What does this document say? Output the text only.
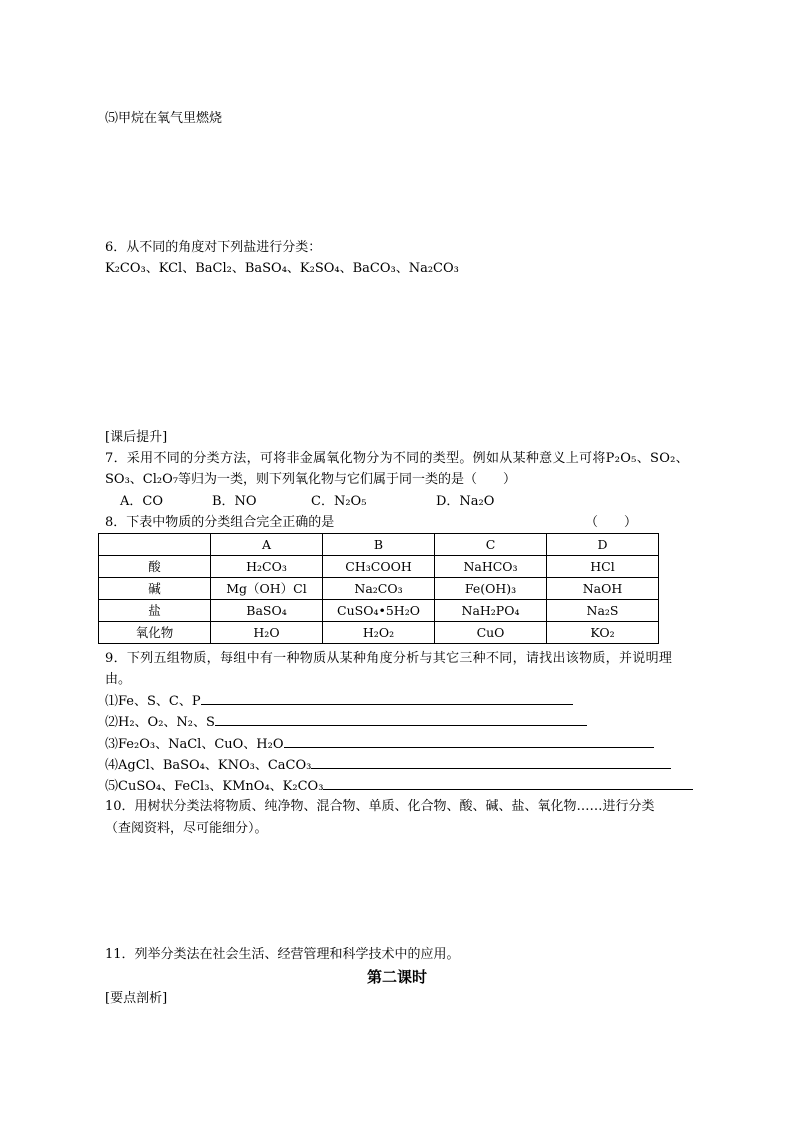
⑸甲烷在氧气里燃烧
6．从不同的角度对下列盐进行分类：
K₂CO₃、KCl、BaCl₂、BaSO₄、K₂SO₄、BaCO₃、Na₂CO₃
[课后提升]
7．采用不同的分类方法，可将非金属氧化物分为不同的类型。例如从某种意义上可将P₂O₅、SO₂、
SO₃、Cl₂O₇等归为一类，则下列氧化物与它们属于同一类的是（　　）
A．CO	B．NO	C．N₂O₅	D．Na₂O
8．下表中物质的分类组合完全正确的是	（　　）
	A	B	C	D
酸	H₂CO₃	CH₃COOH	NaHCO₃	HCl
碱	Mg（OH）Cl	Na₂CO₃	Fe(OH)₃	NaOH
盐	BaSO₄	CuSO₄•5H₂O	NaH₂PO₄	Na₂S
氧化物	H₂O	H₂O₂	CuO	KO₂
9．下列五组物质，每组中有一种物质从某种角度分析与其它三种不同，请找出该物质，并说明理
由。
⑴Fe、S、C、P
⑵H₂、O₂、N₂、S
⑶Fe₂O₃、NaCl、CuO、H₂O
⑷AgCl、BaSO₄、KNO₃、CaCO₃
⑸CuSO₄、FeCl₃、KMnO₄、K₂CO₃
10．用树状分类法将物质、纯净物、混合物、单质、化合物、酸、碱、盐、氧化物……进行分类
（查阅资料，尽可能细分）。
11．列举分类法在社会生活、经营管理和科学技术中的应用。
第二课时
[要点剖析]
